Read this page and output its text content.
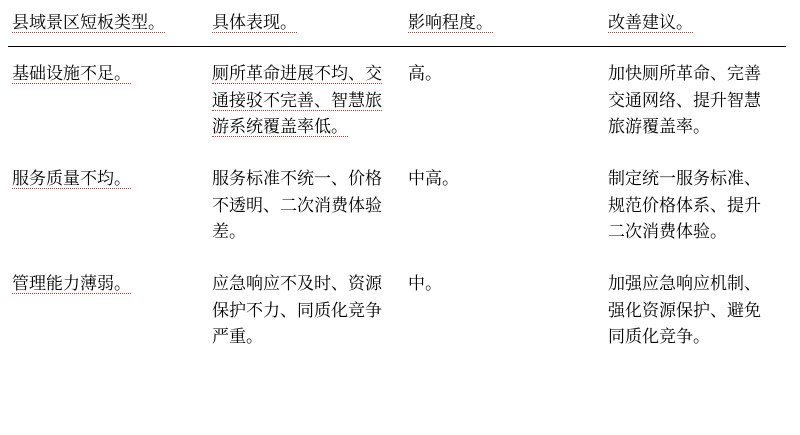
县域景区短板类型。	具体表现。	影响程度。	改善建议。
基础设施不足。	厕所革命进展不均、交通接驳不完善、智慧旅游系统覆盖率低。	高。	加快厕所革命、完善交通网络、提升智慧旅游覆盖率。
服务质量不均。	服务标准不统一、价格不透明、二次消费体验差。	中高。	制定统一服务标准、规范价格体系、提升二次消费体验。
管理能力薄弱。	应急响应不及时、资源保护不力、同质化竞争严重。	中。	加强应急响应机制、强化资源保护、避免同质化竞争。
